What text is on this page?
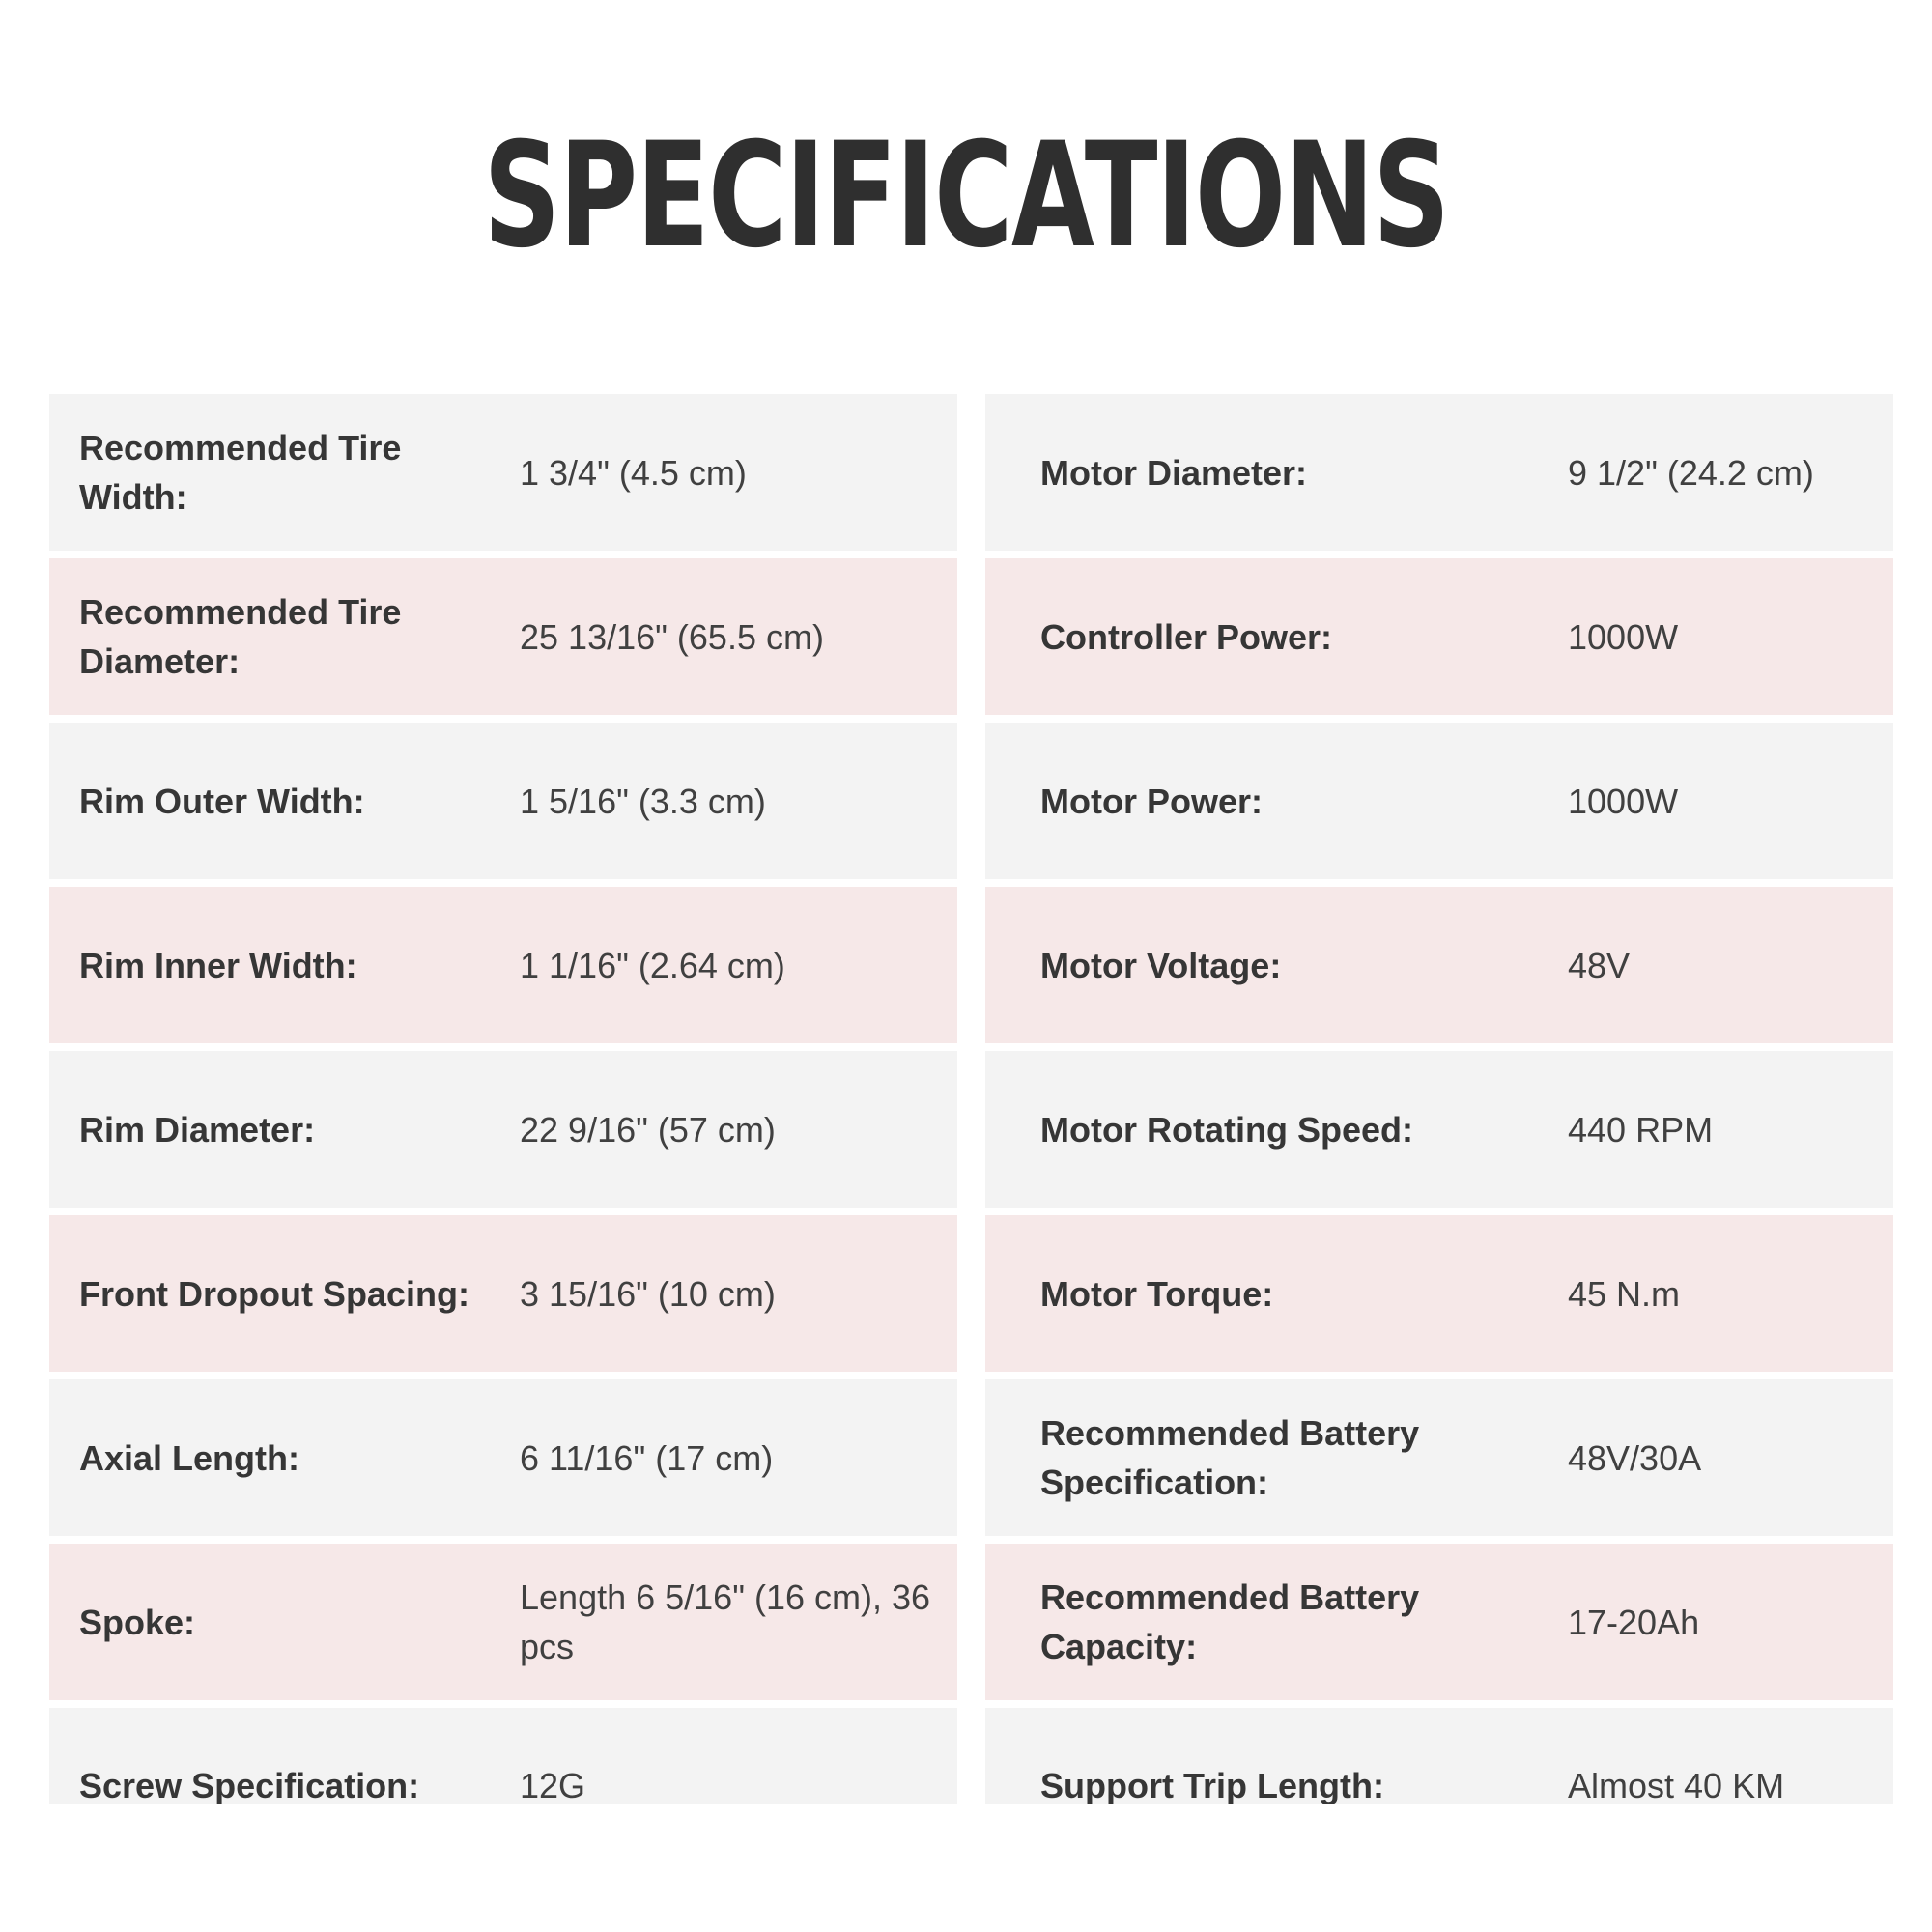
SPECIFICATIONS
Recommended Tire Width:
1 3/4" (4.5 cm)
Recommended Tire Diameter:
25 13/16" (65.5 cm)
Rim Outer Width:	1 5/16" (3.3 cm)
Rim Inner Width:	1 1/16" (2.64 cm)
Rim Diameter:	22 9/16" (57 cm)
Front Dropout Spacing:	3 15/16" (10 cm)
Axial Length:	6 11/16" (17 cm)
Spoke:
Length 6 5/16" (16 cm), 36 pcs
Screw Specification:	12G
Motor Diameter:	9 1/2" (24.2 cm)
Controller Power:	1000W
Motor Power:	1000W
Motor Voltage:	48V
Motor Rotating Speed:	440 RPM
Motor Torque:	45 N.m
Recommended Battery Specification:
48V/30A
Recommended Battery Capacity:
17-20Ah
Support Trip Length:	Almost 40 KM
